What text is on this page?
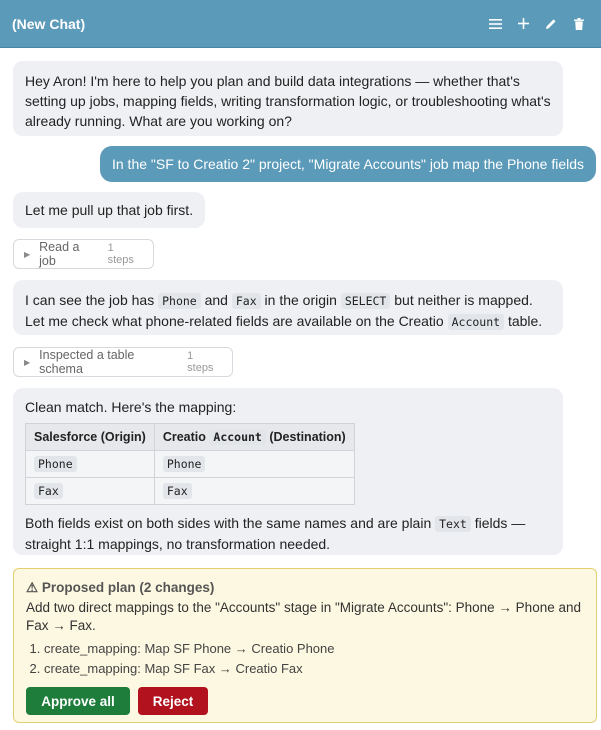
(New Chat)
Hey Aron! I'm here to help you plan and build data integrations — whether that's setting up jobs, mapping fields, writing transformation logic, or troubleshooting what's already running. What are you working on?
In the "SF to Creatio 2" project, "Migrate Accounts" job map the Phone fields
Let me pull up that job first.
▶ Read a job
1 steps
I can see the job has Phone and Fax in the origin SELECT but neither is mapped. Let me check what phone-related fields are available on the Creatio Account table.
▶ Inspected a table schema
1 steps
Clean match. Here's the mapping:
Salesforce (Origin)	Creatio Account (Destination)
Phone	Phone
Fax	Fax
Both fields exist on both sides with the same names and are plain Text fields — straight 1:1 mappings, no transformation needed.
⚠ Proposed plan (2 changes)
Add two direct mappings to the "Accounts" stage in "Migrate Accounts": Phone → Phone and Fax → Fax.
1. create_mapping: Map SF Phone → Creatio Phone
2. create_mapping: Map SF Fax → Creatio Fax
Approve all	Reject
